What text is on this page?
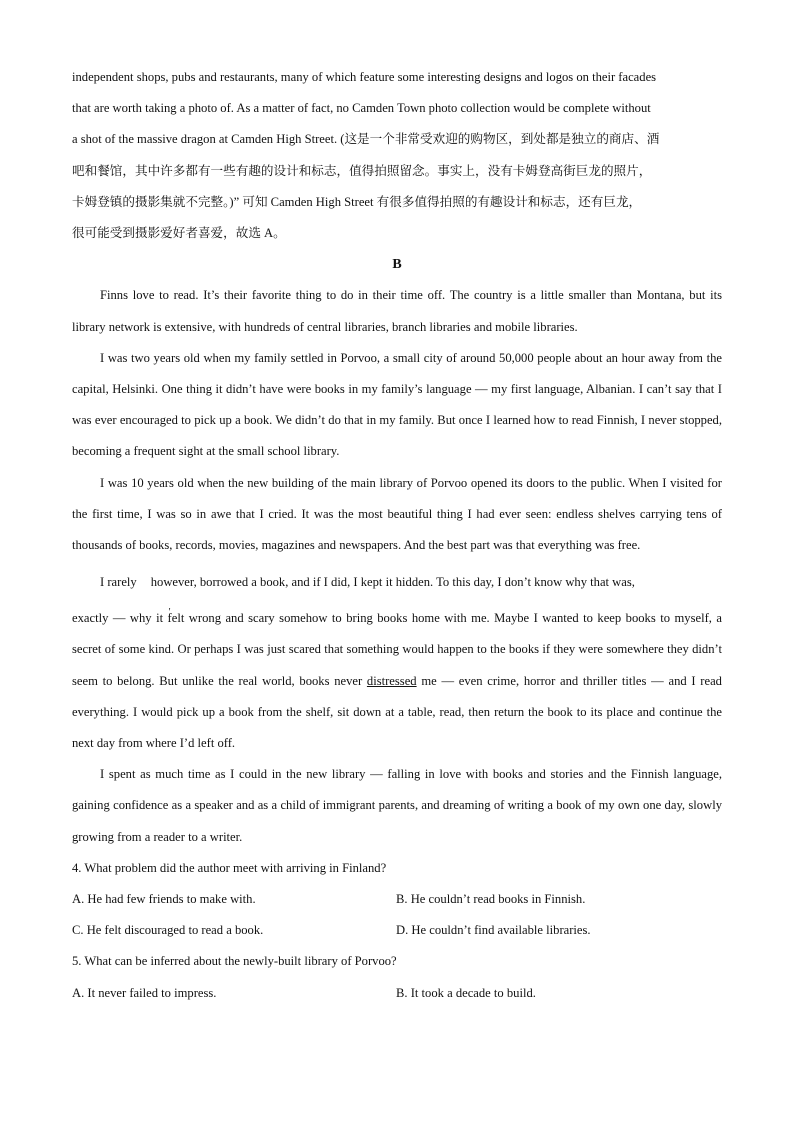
independent shops, pubs and restaurants, many of which feature some interesting designs and logos on their facades

that are worth taking a photo of. As a matter of fact, no Camden Town photo collection would be complete without

a shot of the massive dragon at Camden High Street. (这是一个非常受欢迎的购物区，到处都是独立的商店、酒

吧和餐馆，其中许多都有一些有趣的设计和标志，值得拍照留念。事实上，没有卡姆登高街巨龙的照片，

卡姆登镇的摄影集就不完整。)” 可知 Camden High Street 有很多值得拍照的有趣设计和标志，还有巨龙，

很可能受到摄影爱好者喜爱，故选 A。

B

Finns love to read. It’s their favorite thing to do in their time off. The country is a little smaller than Montana, but its library network is extensive, with hundreds of central libraries, branch libraries and mobile libraries.

I was two years old when my family settled in Porvoo, a small city of around 50,000 people about an hour away from the capital, Helsinki. One thing it didn’t have were books in my family’s language — my first language, Albanian. I can’t say that I was ever encouraged to pick up a book. We didn’t do that in my family. But once I learned how to read Finnish, I never stopped, becoming a frequent sight at the small school library.

I was 10 years old when the new building of the main library of Porvoo opened its doors to the public. When I visited for the first time, I was so in awe that I cried. It was the most beautiful thing I had ever seen: endless shelves carrying tens of thousands of books, records, movies, magazines and newspapers. And the best part was that everything was free.

I rarely however, borrowed a book, and if I did, I kept it hidden. To this day, I don’t know why that was,

exactly — why it felt wrong and scary somehow to bring books home with me. Maybe I wanted to keep books to myself, a secret of some kind. Or perhaps I was just scared that something would happen to the books if they were somewhere they didn’t seem to belong. But unlike the real world, books never distressed me — even crime, horror and thriller titles — and I read everything. I would pick up a book from the shelf, sit down at a table, read, then return the book to its place and continue the next day from where I’d left off.

I spent as much time as I could in the new library — falling in love with books and stories and the Finnish language, gaining confidence as a speaker and as a child of immigrant parents, and dreaming of writing a book of my own one day, slowly growing from a reader to a writer.

4. What problem did the author meet with arriving in Finland?
A. He had few friends to make with.	B. He couldn’t read books in Finnish.
C. He felt discouraged to read a book.	D. He couldn’t find available libraries.
5. What can be inferred about the newly-built library of Porvoo?
A. It never failed to impress.	B. It took a decade to build.
